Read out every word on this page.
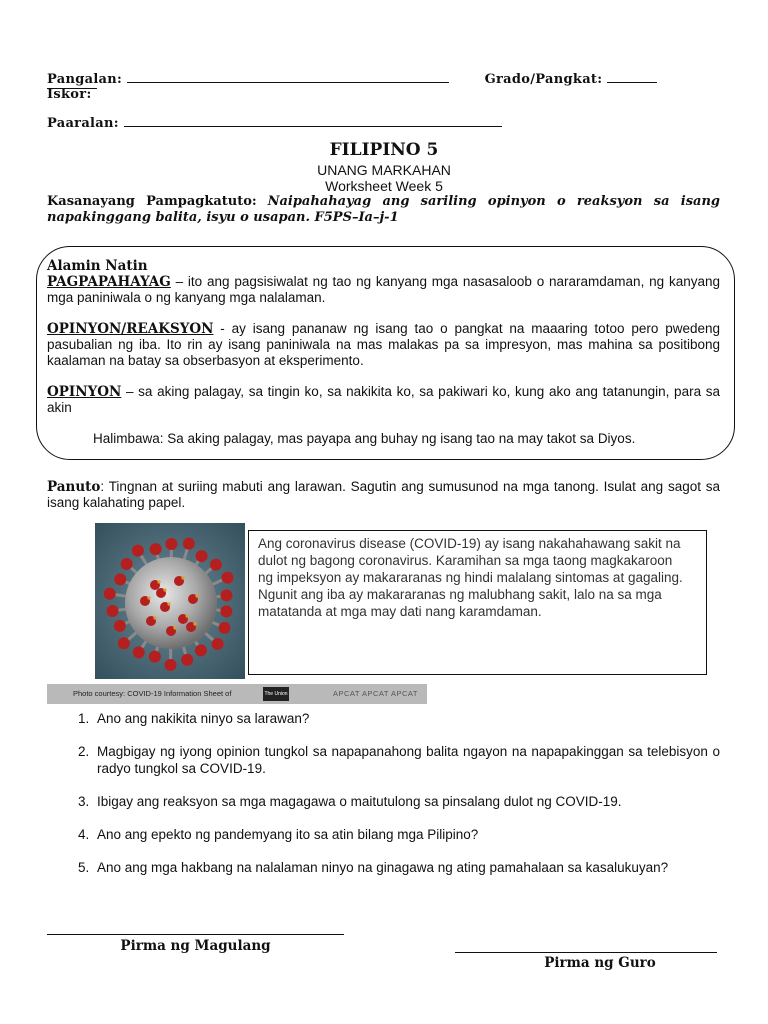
Pangalan:	Grado/Pangkat:   Iskor:
Paaralan:
FILIPINO 5
UNANG MARKAHAN
Worksheet Week 5
Kasanayang Pampagkatuto: Naipahahayag ang sariling opinyon o reaksyon sa isang napakinggang balita, isyu o usapan. F5PS–Ia–j-1
Alamin Natin
PAGPAPAHAYAG – ito ang pagsisiwalat ng tao ng kanyang mga nasasaloob o nararamdaman, ng kanyang mga paniniwala o ng kanyang mga nalalaman.
OPINYON/REAKSYON - ay isang pananaw ng isang tao o pangkat na maaaring totoo pero pwedeng pasubalian ng iba. Ito rin ay isang paniniwala na mas malakas pa sa impresyon, mas mahina sa positibong kaalaman na batay sa obserbasyon at eksperimento.
OPINYON – sa aking palagay, sa tingin ko, sa nakikita ko, sa pakiwari ko, kung ako ang tatanungin, para sa akin
Halimbawa: Sa aking palagay, mas payapa ang buhay ng isang tao na may takot sa Diyos.
Panuto: Tingnan at suriing mabuti ang larawan. Sagutin ang sumusunod na mga tanong. Isulat ang sagot sa isang kalahating papel.
Photo courtesy: COVID-19 Information Sheet of	The Union	APCAT APCAT APCAT
Ang coronavirus disease (COVID-19) ay isang nakahahawang sakit na dulot ng bagong coronavirus. Karamihan sa mga taong magkakaroon ng impeksyon ay makararanas ng hindi malalang sintomas at gagaling. Ngunit ang iba ay makararanas ng malubhang sakit, lalo na sa mga matatanda at mga may dati nang karamdaman.
1. Ano ang nakikita ninyo sa larawan?
2. Magbigay ng iyong opinion tungkol sa napapanahong balita ngayon na napapakinggan sa telebisyon o radyo tungkol sa COVID-19.
3. Ibigay ang reaksyon sa mga magagawa o maitutulong sa pinsalang dulot ng COVID-19.
4. Ano ang epekto ng pandemyang ito sa atin bilang mga Pilipino?
5. Ano ang mga hakbang na nalalaman ninyo na ginagawa ng ating pamahalaan sa kasalukuyan?
Pirma ng Magulang
Pirma ng Guro
